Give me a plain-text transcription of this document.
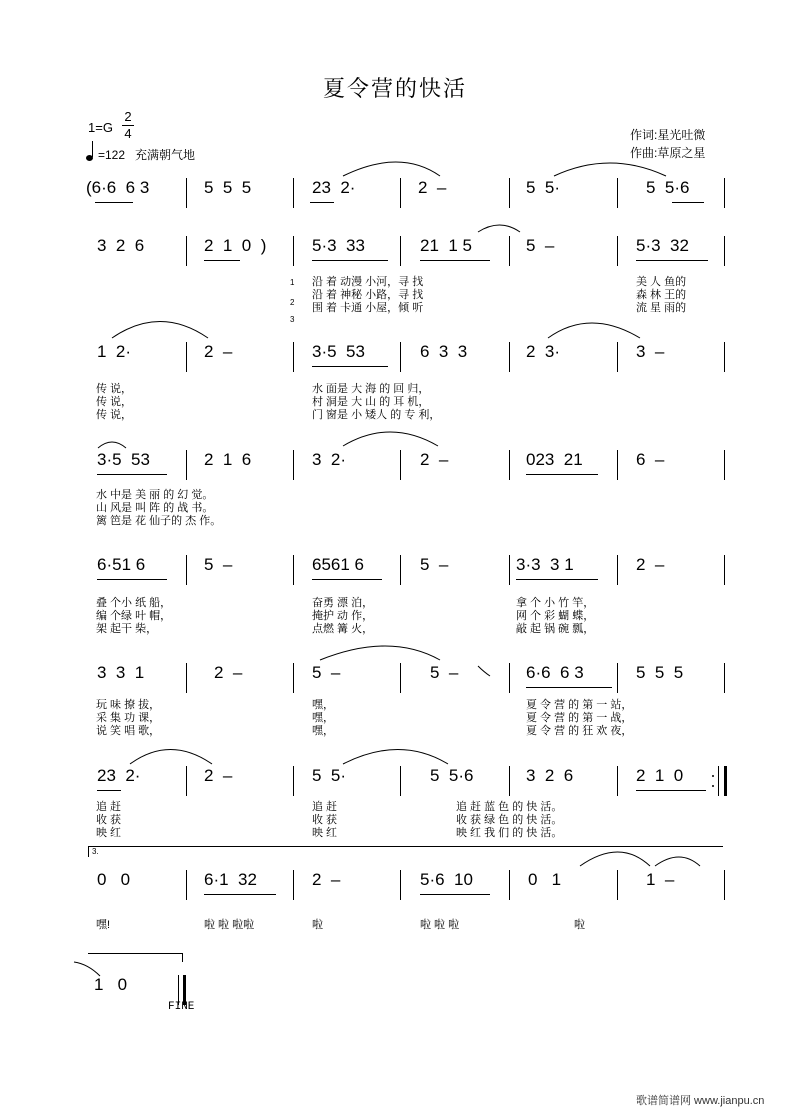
夏令营的快活
1=G
2
4
=122 充满朝气地
作词:星光吐微
作曲:草原之星
(6·6  6 3	5  5  5	23  2·	2  –	5  5·	5  5·6
3  2  6	2  1  0  )	5·3  33	21  1 5	5  –	5·3  32
1
2
3
沿 着 动漫 小河，寻 找
沿 着 神秘 小路，寻 找
围 着 卡通 小屋，倾 听
美 人 鱼的
森 林 王的
流 星 雨的
1  2·	2  –	3·5  53	6  3  3	2  3·	3  –
传 说，
传 说，
传 说，
水 面是 大 海 的 回 归，
村 洞是 大 山 的 耳 机，
门 窗是 小 矮人 的 专 利，
3·5  53	2  1  6	3  2·	2  –	023  21	6  –
水 中是 美 丽 的 幻 觉。
山 风是 叫 阵 的 战 书。
篱 笆是 花 仙子的 杰 作。
6·51 6	5  –	6561 6	5  –	3·3  3 1	2  –
叠 个小 纸 船，
编 个绿 叶 帽，
架 起干 柴，
奋勇 漂 泊，
掩护 动 作，
点燃 篝 火，
拿 个 小 竹 竿，
网 个 彩 蝴 蝶，
敲 起 锅 碗 瓢，
3  3  1	2  –	5  –	5  –	6·6  6 3	5  5  5
玩 味 撩 拔，
采 集 功 课，
说 笑 唱 歌，
嘿，
嘿，
嘿，
夏 令 营 的 第 一 站，
夏 令 营 的 第 一 战，
夏 令 营 的 狂 欢 夜，
23  2·	2  –	5  5·	5  5·6	3  2  6	2  1  0
追 赶
收 获
映 红
追 赶
收 获
映 红
追 赶 蓝 色 的 快 活。
收 获 绿 色 的 快 活。
映 红 我 们 的 快 活。
3.
0   0	6·1  32	2  –	5·6  10	0   1	1  –
嘿!	啦 啦 啦啦	啦	啦 啦 啦	啦
1   0
FINE
歌谱简谱网 www.jianpu.cn
